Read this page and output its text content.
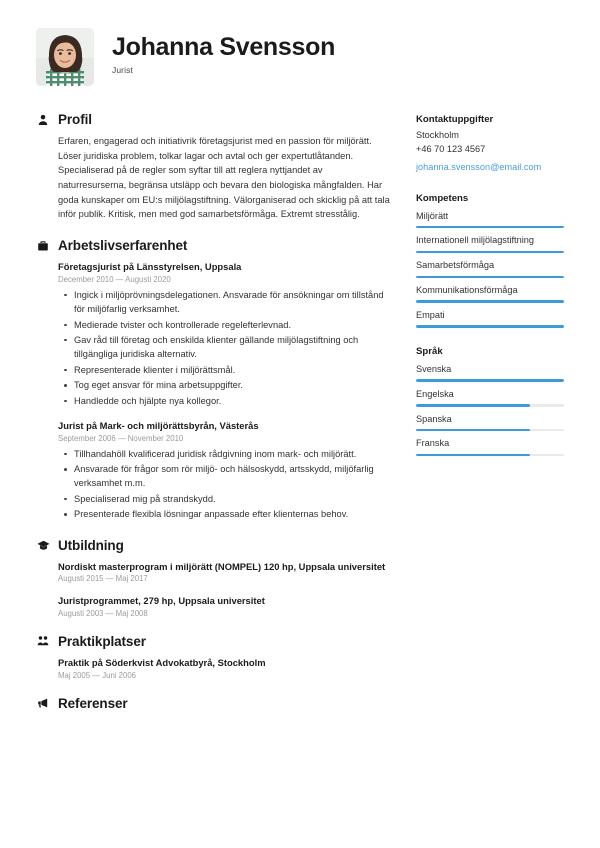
Johanna Svensson
Jurist
Profil

Erfaren, engagerad och initiativrik företagsjurist med en passion för miljörätt. Löser juridiska problem, tolkar lagar och avtal och ger expertutlåtanden. Specialiserad på de regler som syftar till att reglera nyttjandet av naturresurserna, begränsa utsläpp och bevara den biologiska mångfalden. Har goda kunskaper om EU:s miljölagstiftning. Välorganiserad och skicklig på att tala inför publik. Kritisk, men med god samarbetsförmåga. Extremt stresstålig.

Arbetslivserfarenhet
Företagsjurist på Länsstyrelsen, Uppsala
December 2010 — Augusti 2020
Ingick i miljöprövningsdelegationen. Ansvarade för ansökningar om tillstånd för miljöfarlig verksamhet.
Medierade tvister och kontrollerade regelefterlevnad.
Gav råd till företag och enskilda klienter gällande miljölagstiftning och tillgängliga juridiska alternativ.
Representerade klienter i miljörättsmål.
Tog eget ansvar för mina arbetsuppgifter.
Handledde och hjälpte nya kollegor.
Jurist på Mark- och miljörättsbyrån, Västerås
September 2006 — November 2010
Tillhandahöll kvalificerad juridisk rådgivning inom mark- och miljörätt.
Ansvarade för frågor som rör miljö- och hälsoskydd, artsskydd, miljöfarlig verksamhet m.m.
Specialiserad mig på strandskydd.
Presenterade flexibla lösningar anpassade efter klienternas behov.
Utbildning
Nordiskt masterprogram i miljörätt (NOMPEL) 120 hp, Uppsala universitet
Augusti 2015 — Maj 2017
Juristprogrammet, 279 hp, Uppsala universitet
Augusti 2003 — Maj 2008
Praktikplatser
Praktik på Söderkvist Advokatbyrå, Stockholm
Maj 2005 — Juni 2006
Referenser
Kontaktuppgifter
Stockholm
+46 70 123 4567
johanna.svensson@email.com
Kompetens
Miljörätt
Internationell miljölagstiftning
Samarbetsförmåga
Kommunikationsförmåga
Empati
Språk
Svenska
Engelska
Spanska
Franska
